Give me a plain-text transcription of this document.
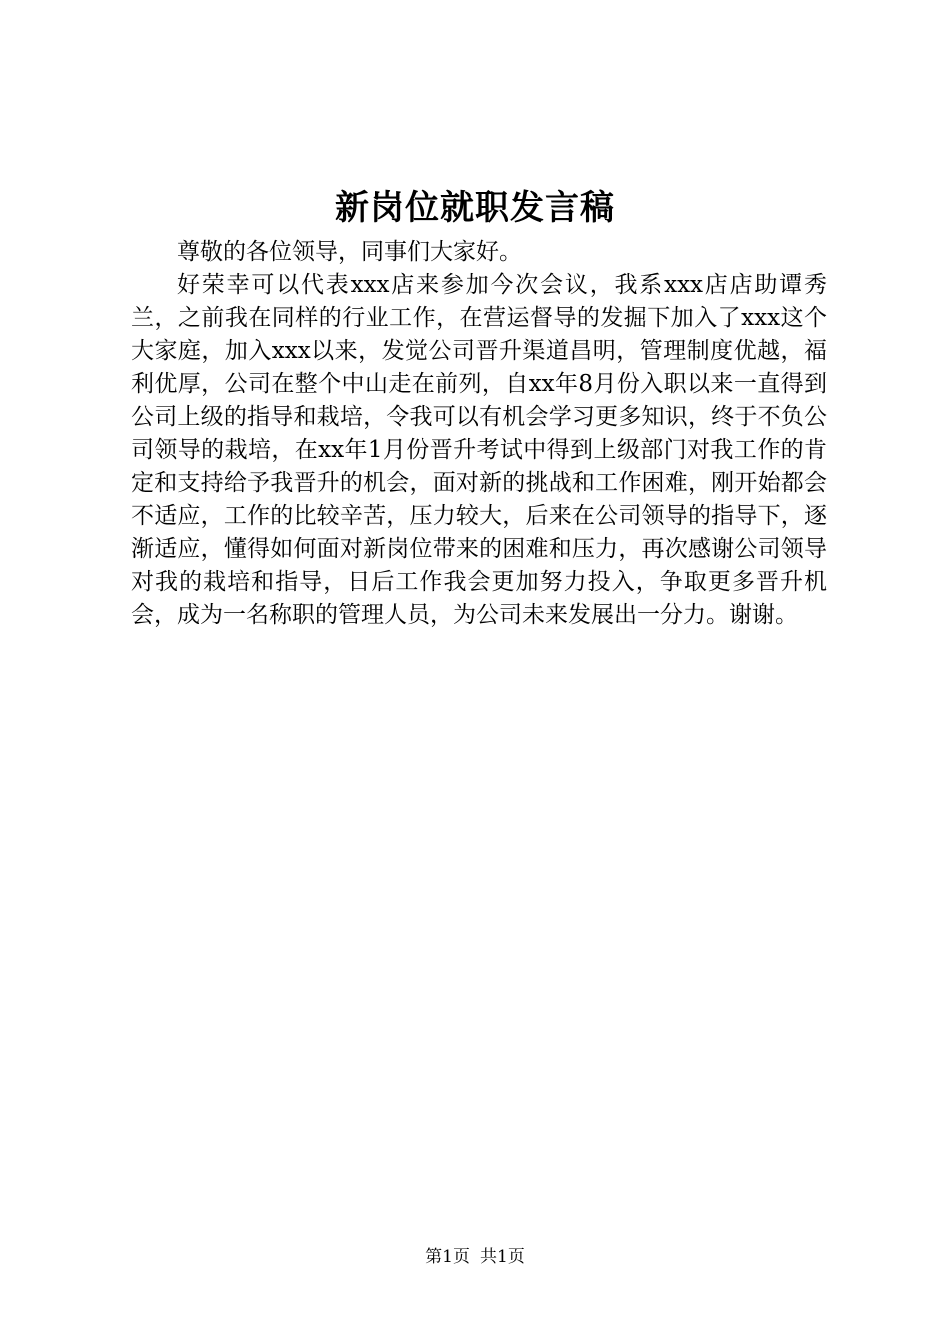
新岗位就职发言稿

尊敬的各位领导，同事们大家好。

好荣幸可以代表xxx店来参加今次会议，我系xxx店店助谭秀兰，之前我在同样的行业工作，在营运督导的发掘下加入了xxx这个大家庭，加入xxx以来，发觉公司晋升渠道昌明，管理制度优越，福利优厚，公司在整个中山走在前列，自xx年8月份入职以来一直得到公司上级的指导和栽培，令我可以有机会学习更多知识，终于不负公司领导的栽培，在xx年1月份晋升考试中得到上级部门对我工作的肯定和支持给予我晋升的机会，面对新的挑战和工作困难，刚开始都会不适应，工作的比较辛苦，压力较大，后来在公司领导的指导下，逐渐适应，懂得如何面对新岗位带来的困难和压力，再次感谢公司领导对我的栽培和指导，日后工作我会更加努力投入，争取更多晋升机会，成为一名称职的管理人员，为公司未来发展出一分力。谢谢。

第1页 共1页
